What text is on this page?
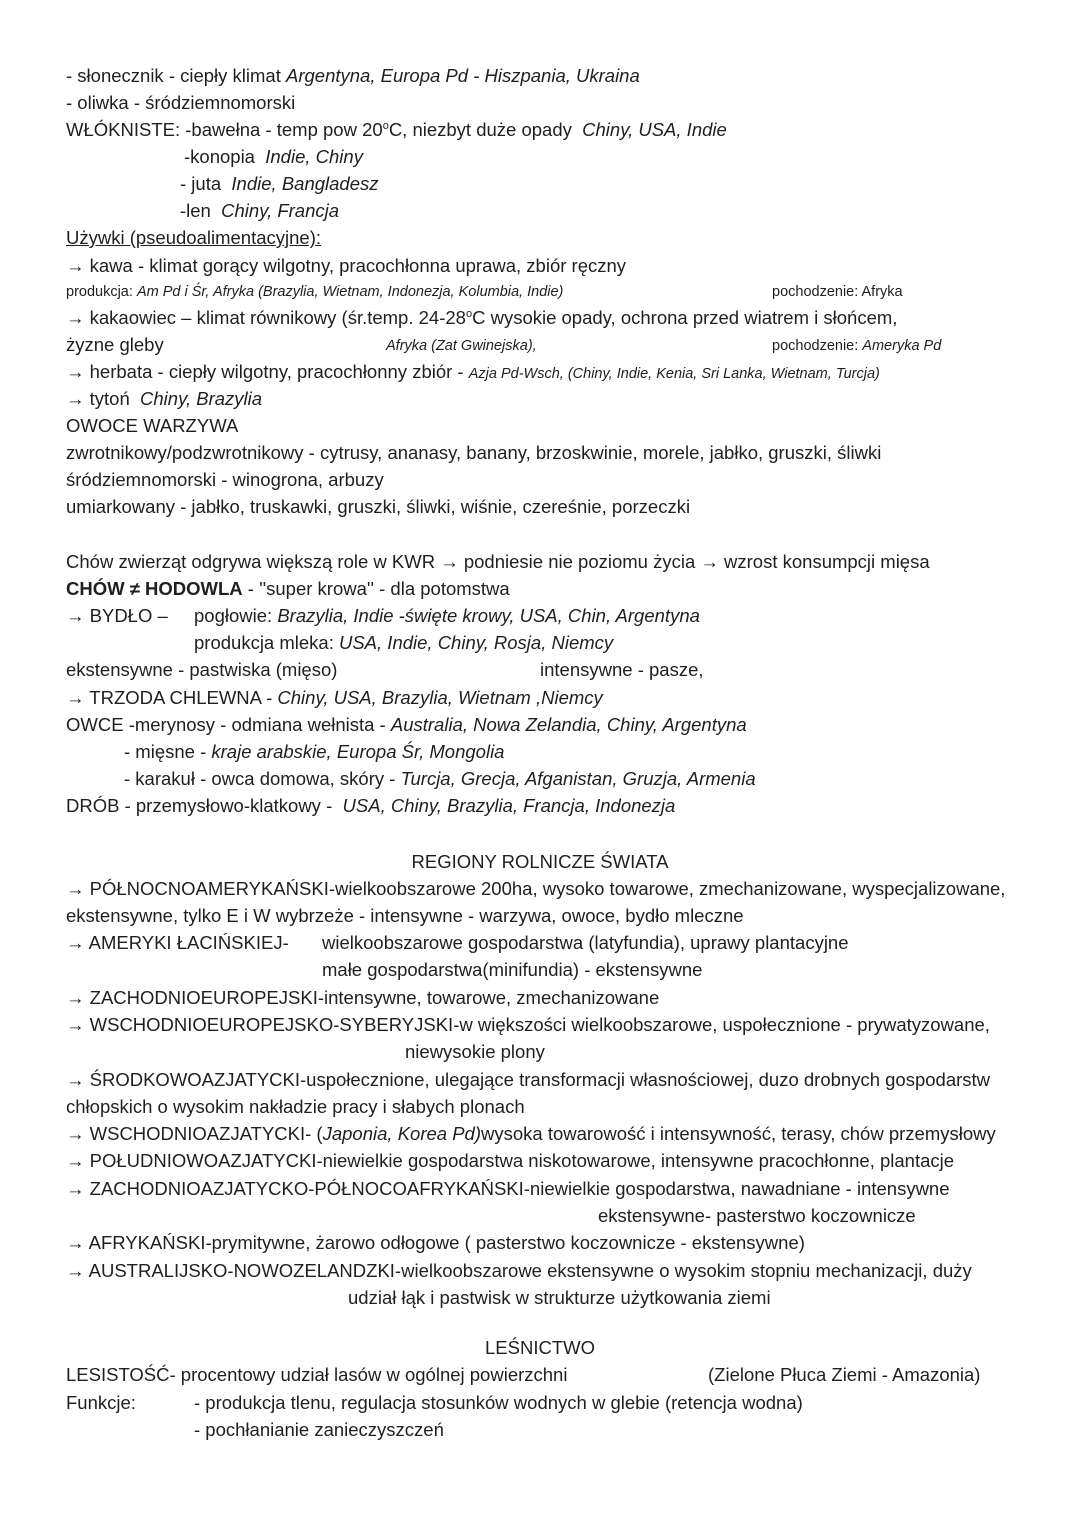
- słonecznik - ciepły klimat Argentyna, Europa Pd - Hiszpania, Ukraina
- oliwka - śródziemnomorski
WŁÓKNISTE: -bawełna - temp pow 20$^o$C, niezbyt duże opady Chiny, USA, Indie
-konopia Indie, Chiny
- juta Indie, Bangladesz
-len Chiny, Francja
Używki (pseudoalimentacyjne):
→ kawa - klimat gorący wilgotny, pracochłonna uprawa, zbiór ręczny
produkcja: Am Pd i Śr, Afryka (Brazylia, Wietnam, Indonezja, Kolumbia, Indie)	pochodzenie: Afryka
→ kakaowiec – klimat równikowy (śr.temp. 24-28$^o$C wysokie opady, ochrona przed wiatrem i słońcem,
żyzne gleby	Afryka (Zat Gwinejska),	pochodzenie: Ameryka Pd
→ herbata - ciepły wilgotny, pracochłonny zbiór - Azja Pd-Wsch, (Chiny, Indie, Kenia, Sri Lanka, Wietnam, Turcja)
→ tytoń Chiny, Brazylia
OWOCE WARZYWA
zwrotnikowy/podzwrotnikowy - cytrusy, ananasy, banany, brzoskwinie, morele, jabłko, gruszki, śliwki
śródziemnomorski - winogrona, arbuzy
umiarkowany - jabłko, truskawki, gruszki, śliwki, wiśnie, czereśnie, porzeczki
Chów zwierząt odgrywa większą role w KWR → podniesie nie poziomu życia → wzrost konsumpcji mięsa
CHÓW ≠ HODOWLA - ''super krowa'' - dla potomstwa
→ BYDŁO – pogłowie: Brazylia, Indie -święte krowy, USA, Chin, Argentyna
produkcja mleka: USA, Indie, Chiny, Rosja, Niemcy
ekstensywne - pastwiska (mięso)	intensywne - pasze,
→ TRZODA CHLEWNA - Chiny, USA, Brazylia, Wietnam ,Niemcy
OWCE -merynosy - odmiana wełnista - Australia, Nowa Zelandia, Chiny, Argentyna
- mięsne - kraje arabskie, Europa Śr, Mongolia
- karakuł - owca domowa, skóry - Turcja, Grecja, Afganistan, Gruzja, Armenia
DRÓB - przemysłowo-klatkowy -  USA, Chiny, Brazylia, Francja, Indonezja
REGIONY ROLNICZE ŚWIATA
→ PÓŁNOCNOAMERYKAŃSKI-wielkoobszarowe 200ha, wysoko towarowe, zmechanizowane, wyspecjalizowane,
ekstensywne, tylko E i W wybrzeże - intensywne - warzywa, owoce, bydło mleczne
→ AMERYKI ŁACIŃSKIEJ- wielkoobszarowe gospodarstwa (latyfundia), uprawy plantacyjne
małe gospodarstwa(minifundia) - ekstensywne
→ ZACHODNIOEUROPEJSKI-intensywne, towarowe, zmechanizowane
→ WSCHODNIOEUROPEJSKO-SYBERYJSKI-w większości wielkoobszarowe, uspołecznione - prywatyzowane,
niewysokie plony
→ ŚRODKOWOAZJATYCKI-uspołecznione, ulegające transformacji własnościowej, duzo drobnych gospodarstw
chłopskich o wysokim nakładzie pracy i słabych plonach
→ WSCHODNIOAZJATYCKI- (Japonia, Korea Pd)wysoka towarowość i intensywność, terasy, chów przemysłowy
→ POŁUDNIOWOAZJATYCKI-niewielkie gospodarstwa niskotowarowe, intensywne pracochłonne, plantacje
→ ZACHODNIOAZJATYCKO-PÓŁNOCOAFRYKAŃSKI-niewielkie gospodarstwa, nawadniane - intensywne
ekstensywne- pasterstwo koczownicze
→ AFRYKAŃSKI-prymitywne, żarowo odłogowe ( pasterstwo koczownicze - ekstensywne)
→ AUSTRALIJSKO-NOWOZELANDZKI-wielkoobszarowe ekstensywne o wysokim stopniu mechanizacji, duży
udział łąk i pastwisk w strukturze użytkowania ziemi
LEŚNICTWO
LESISTOŚĆ- procentowy udział lasów w ogólnej powierzchni	(Zielone Płuca Ziemi - Amazonia)
Funkcje:	- produkcja tlenu, regulacja stosunków wodnych w glebie (retencja wodna)
- pochłanianie zanieczyszczeń
